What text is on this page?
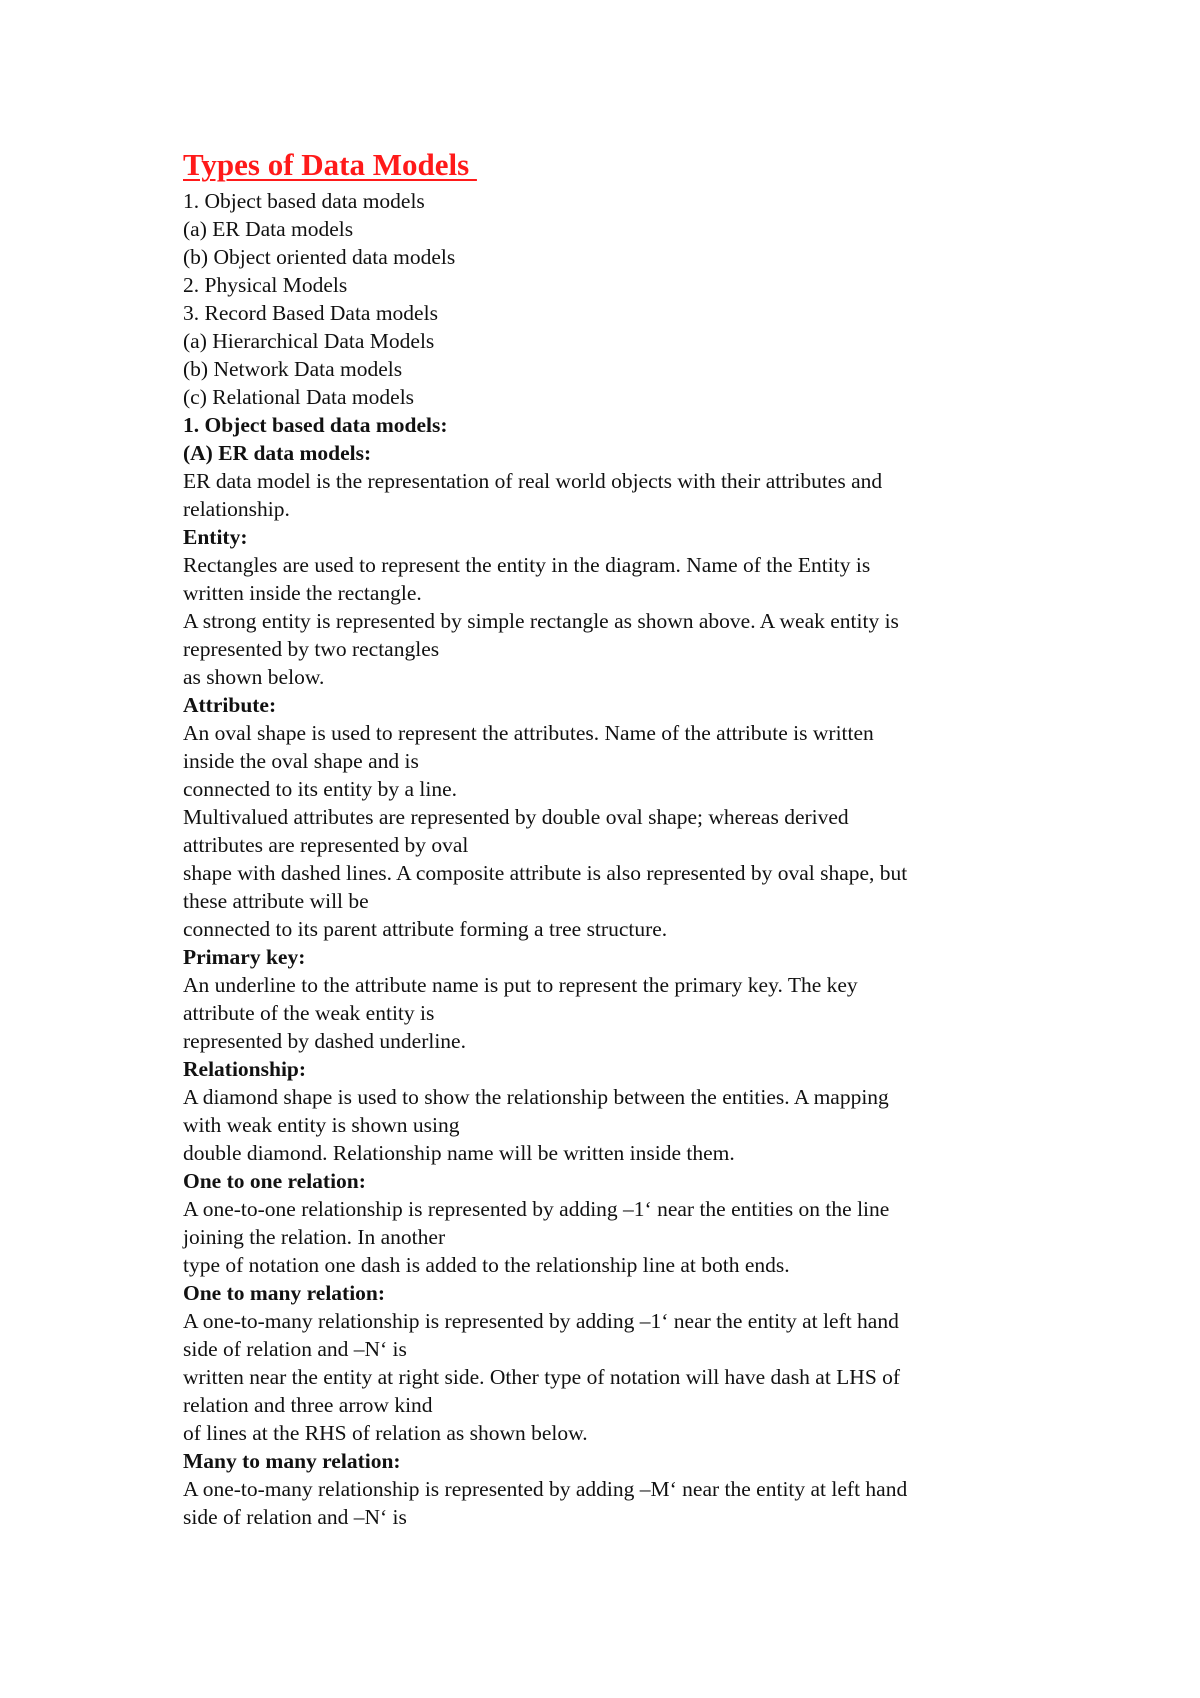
Types of Data Models

1. Object based data models

(a) ER Data models

(b) Object oriented data models

2. Physical Models

3. Record Based Data models

(a) Hierarchical Data Models

(b) Network Data models

(c) Relational Data models

1. Object based data models:

(A) ER data models:

ER data model is the representation of real world objects with their attributes and

relationship.

Entity:

Rectangles are used to represent the entity in the diagram. Name of the Entity is

written inside the rectangle.

A strong entity is represented by simple rectangle as shown above. A weak entity is

represented by two rectangles

as shown below.

Attribute:

An oval shape is used to represent the attributes. Name of the attribute is written

inside the oval shape and is

connected to its entity by a line.

Multivalued attributes are represented by double oval shape; whereas derived

attributes are represented by oval

shape with dashed lines. A composite attribute is also represented by oval shape, but

these attribute will be

connected to its parent attribute forming a tree structure.

Primary key:

An underline to the attribute name is put to represent the primary key. The key

attribute of the weak entity is

represented by dashed underline.

Relationship:

A diamond shape is used to show the relationship between the entities. A mapping

with weak entity is shown using

double diamond. Relationship name will be written inside them.

One to one relation:

A one-to-one relationship is represented by adding ‒1‘ near the entities on the line

joining the relation. In another

type of notation one dash is added to the relationship line at both ends.

One to many relation:

A one-to-many relationship is represented by adding ‒1‘ near the entity at left hand

side of relation and ‒N‘ is

written near the entity at right side. Other type of notation will have dash at LHS of

relation and three arrow kind

of lines at the RHS of relation as shown below.

Many to many relation:

A one-to-many relationship is represented by adding ‒M‘ near the entity at left hand

side of relation and ‒N‘ is
